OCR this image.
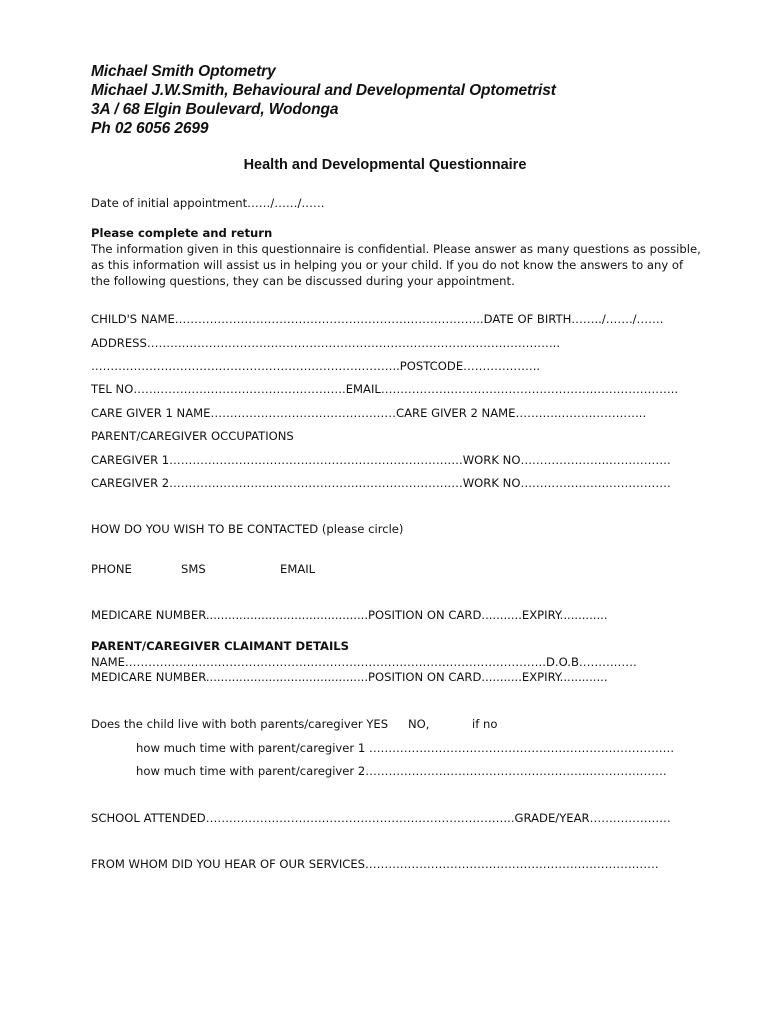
Michael Smith Optometry
Michael J.W.Smith, Behavioural and Developmental Optometrist
3A / 68 Elgin Boulevard, Wodonga
Ph 02 6056 2699
Health and Developmental Questionnaire
Date of initial appointment……/……/……
Please complete and return
The information given in this questionnaire is confidential. Please answer as many questions as possible,
as this information will assist us in helping you or your child. If you do not know the answers to any of
the following questions, they can be discussed during your appointment.
CHILD'S NAME……………………………………………………………………..DATE OF BIRTH……../……./…….
ADDRESS……………………………………………………………………………………………..
……………………………………………………………………..POSTCODE………………..
TEL NO……………………………………………….EMAIL…………………………………………………………………..
CARE GIVER 1 NAME…………………………………………CARE GIVER 2 NAME………..…………………..
PARENT/CAREGIVER OCCUPATIONS
CAREGIVER 1………………………………………………………………….WORK NO…………………..…………….
CAREGIVER 2………………………………………………………………….WORK NO…………………..…………….
HOW DO YOU WISH TO BE CONTACTED (please circle)
PHONE	SMS	EMAIL
MEDICARE NUMBER............................................POSITION ON CARD...........EXPIRY.............
PARENT/CAREGIVER CLAIMANT DETAILS
NAME……………………………………………………………………………………………….D.O.B……………
MEDICARE NUMBER............................................POSITION ON CARD...........EXPIRY.............
Does the child live with both parents/caregiver YES NO,	if no
how much time with parent/caregiver 1 …………………………………………………………………….
how much time with parent/caregiver 2……………………………………………………………………
SCHOOL ATTENDED……………………………………………………………………..GRADE/YEAR…………………
FROM WHOM DID YOU HEAR OF OUR SERVICES………………………………………………………………….
